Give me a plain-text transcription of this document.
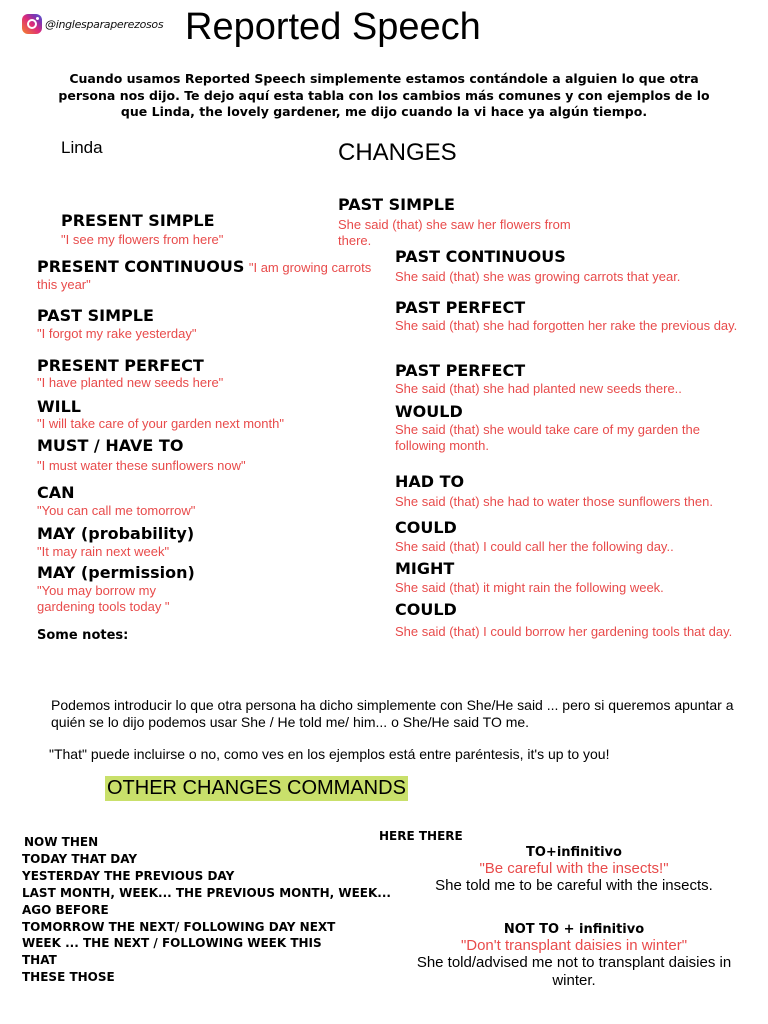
@inglesparaperezosos Reported Speech
Cuando usamos Reported Speech simplemente estamos contándole a alguien lo que otra persona nos dijo. Te dejo aquí esta tabla con los cambios más comunes y con ejemplos de lo que Linda, the lovely gardener, me dijo cuando la vi hace ya algún tiempo.
Linda	CHANGES
PRESENT SIMPLE
"I see my flowers from here"
PRESENT CONTINUOUS "I am growing carrots this year"
PAST SIMPLE
"I forgot my rake yesterday"
PRESENT PERFECT
"I have planted new seeds here"
WILL
"I will take care of your garden next month"
MUST / HAVE TO
"I must water these sunflowers now"
CAN
"You can call me tomorrow"
MAY (probability)
"It may rain next week"
MAY (permission)
"You may borrow my gardening tools today "
Some notes:
PAST SIMPLE
She said (that) she saw her flowers from there.
PAST CONTINUOUS
She said (that) she was growing carrots that year.
PAST PERFECT
She said (that) she had forgotten her rake the previous day.
PAST PERFECT
She said (that) she had planted new seeds there..
WOULD
She said (that) she would take care of my garden the following month.
HAD TO
She said (that) she had to water those sunflowers then.
COULD
She said (that) I could call her the following day..
MIGHT
She said (that) it might rain the following week.
COULD
She said (that) I could borrow her gardening tools that day.
Podemos introducir lo que otra persona ha dicho simplemente con She/He said ... pero si queremos apuntar a quién se lo dijo podemos usar She / He told me/ him... o She/He said TO me.
"That" puede incluirse o no, como ves en los ejemplos está entre paréntesis, it's up to you!
OTHER CHANGES COMMANDS
NOW THEN
TODAY THAT DAY
YESTERDAY THE PREVIOUS DAY
LAST MONTH, WEEK... THE PREVIOUS MONTH, WEEK...
AGO BEFORE
TOMORROW THE NEXT/ FOLLOWING DAY NEXT
WEEK ... THE NEXT / FOLLOWING WEEK THIS
THAT
THESE THOSE
HERE THERE
TO+infinitivo
"Be careful with the insects!"
She told me to be careful with the insects.
NOT TO + infinitivo
"Don't transplant daisies in winter"
She told/advised me not to transplant daisies in winter.
